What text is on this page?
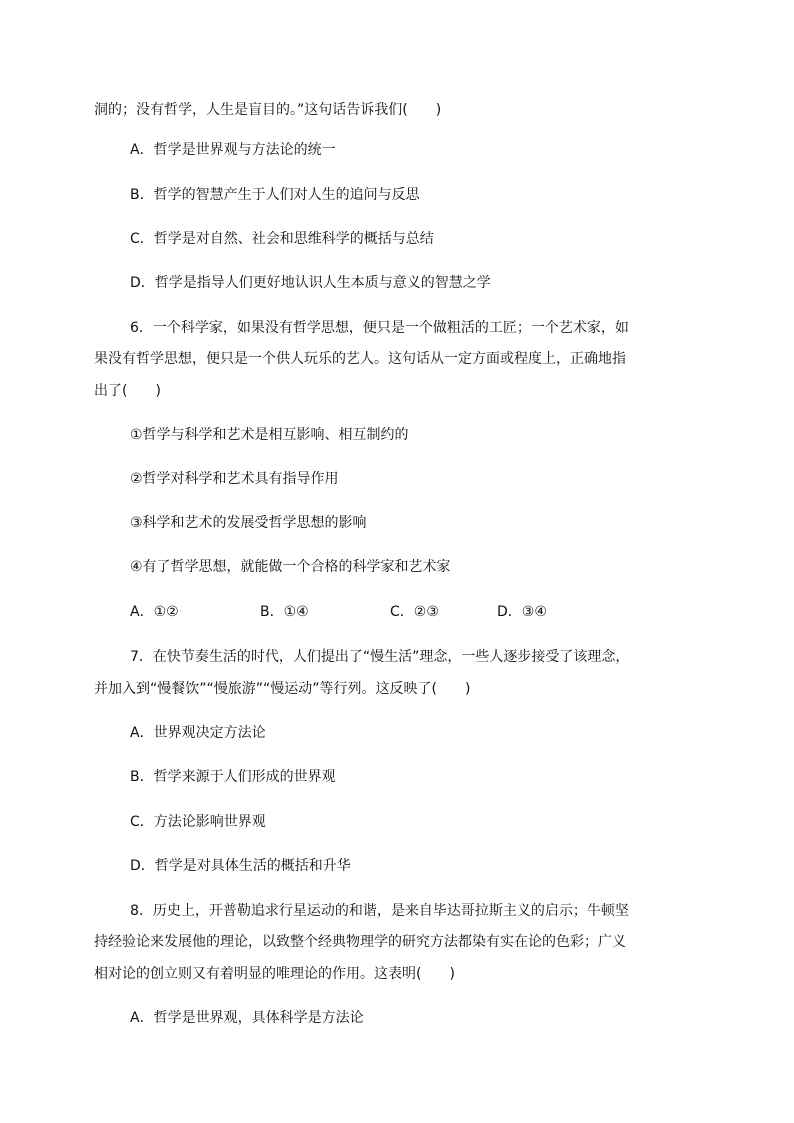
洞的；没有哲学，人生是盲目的。”这句话告诉我们(　　)
A．哲学是世界观与方法论的统一
B．哲学的智慧产生于人们对人生的追问与反思
C．哲学是对自然、社会和思维科学的概括与总结
D．哲学是指导人们更好地认识人生本质与意义的智慧之学
6．一个科学家，如果没有哲学思想，便只是一个做粗活的工匠；一个艺术家，如
果没有哲学思想，便只是一个供人玩乐的艺人。这句话从一定方面或程度上，正确地指
出了(　　)
①哲学与科学和艺术是相互影响、相互制约的
②哲学对科学和艺术具有指导作用
③科学和艺术的发展受哲学思想的影响
④有了哲学思想，就能做一个合格的科学家和艺术家
A．①②	B．①④	C．②③	D．③④
7．在快节奏生活的时代，人们提出了“慢生活”理念，一些人逐步接受了该理念，
并加入到“慢餐饮”“慢旅游”“慢运动”等行列。这反映了(　　)
A．世界观决定方法论
B．哲学来源于人们形成的世界观
C．方法论影响世界观
D．哲学是对具体生活的概括和升华
8．历史上，开普勒追求行星运动的和谐，是来自毕达哥拉斯主义的启示；牛顿坚
持经验论来发展他的理论，以致整个经典物理学的研究方法都染有实在论的色彩；广义
相对论的创立则又有着明显的唯理论的作用。这表明(　　)
A．哲学是世界观，具体科学是方法论
